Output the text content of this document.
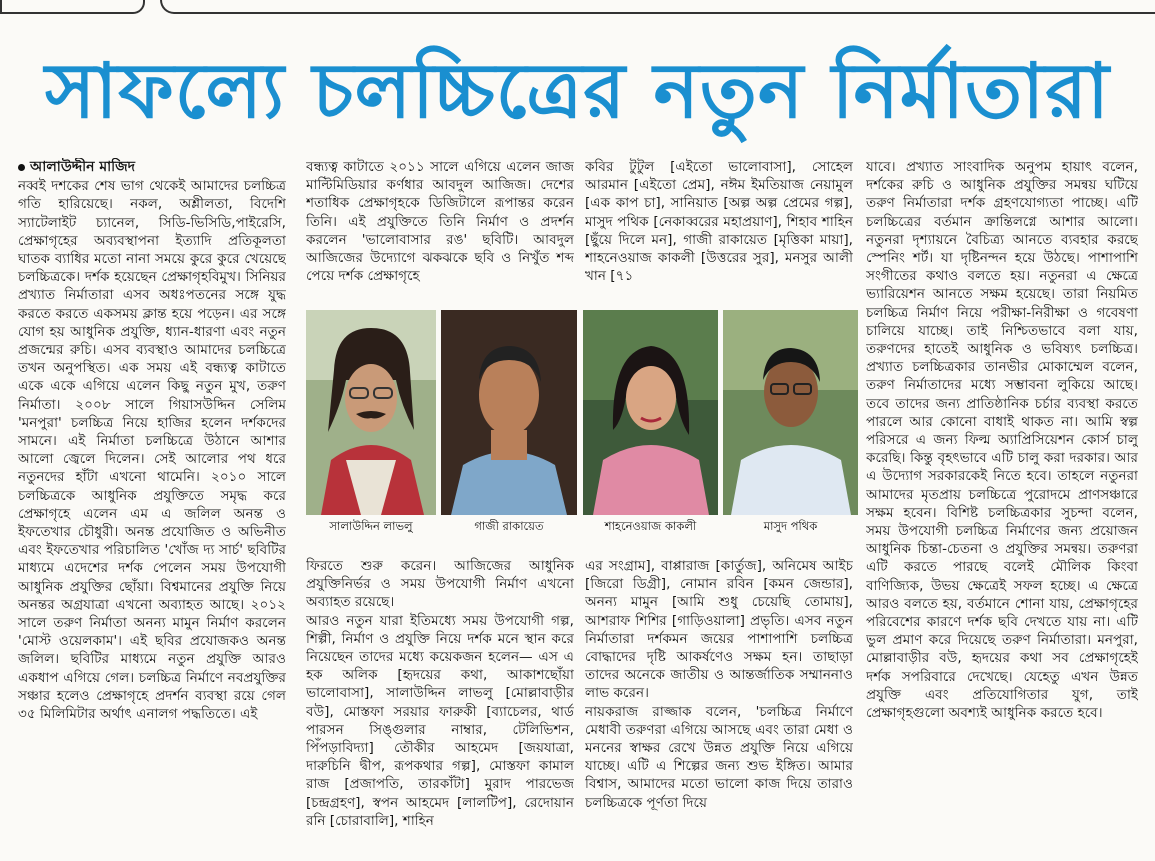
সাফল্যে চলচ্চিত্রের নতুন নির্মাতারা

আলাউদ্দীন মাজিদ

নব্বই দশকের শেষ ভাগ থেকেই আমাদের চলচ্চিত্র গতি হারিয়েছে। নকল, অশ্লীলতা, বিদেশি স্যাটেলাইট চ্যানেল, সিডি-ভিসিডি,পাইরেসি, প্রেক্ষাগৃহের অব্যবস্থাপনা ইত্যাদি প্রতিকূলতা ঘাতক ব্যাধির মতো নানা সময়ে কুরে কুরে খেয়েছে চলচ্চিত্রকে। দর্শক হয়েছেন প্রেক্ষাগৃহবিমুখ। সিনিয়র প্রখ্যাত নির্মাতারা এসব অধঃপতনের সঙ্গে যুদ্ধ করতে করতে একসময় ক্লান্ত হয়ে পড়েন। এর সঙ্গে যোগ হয় আধুনিক প্রযুক্তি, ধ্যান-ধারণা এবং নতুন প্রজন্মের রুচি। এসব ব্যবস্থাও আমাদের চলচ্চিত্রে তখন অনুপস্থিত। এক সময় এই বন্ধ্যত্ব কাটাতে একে একে এগিয়ে এলেন কিছু নতুন মুখ, তরুণ নির্মাতা। ২০০৮ সালে গিয়াসউদ্দিন সেলিম 'মনপুরা' চলচ্চিত্র নিয়ে হাজির হলেন দর্শকদের সামনে। এই নির্মাতা চলচ্চিত্রে উঠানে আশার আলো জ্বেলে দিলেন। সেই আলোর পথ ধরে নতুনদের হাঁটা এখনো থামেনি। ২০১০ সালে চলচ্চিত্রকে আধুনিক প্রযুক্তিতে সমৃদ্ধ করে প্রেক্ষাগৃহে এলেন এম এ জলিল অনন্ত ও ইফতেখার চৌধুরী। অনন্ত প্রযোজিত ও অভিনীত এবং ইফতেখার পরিচালিত 'খোঁজ দ্য সার্চ' ছবিটির মাধ্যমে এদেশের দর্শক পেলেন সময় উপযোগী আধুনিক প্রযুক্তির ছোঁয়া। বিশ্বমানের প্রযুক্তি নিয়ে অনন্তর অগ্রযাত্রা এখনো অব্যাহত আছে। ২০১২ সালে তরুণ নির্মাতা অনন্য মামুন নির্মাণ করলেন 'মোস্ট ওয়েলকাম'। এই ছবির প্রযোজকও অনন্ত জলিল। ছবিটির মাধ্যমে নতুন প্রযুক্তি আরও একধাপ এগিয়ে গেল। চলচ্চিত্র নির্মাণে নবপ্রযুক্তির সঞ্চার হলেও প্রেক্ষাগৃহে প্রদর্শন ব্যবস্থা রয়ে গেল ৩৫ মিলিমিটার অর্থাৎ এনালগ পদ্ধতিতে। এই

বন্ধ্যত্ব কাটাতে ২০১১ সালে এগিয়ে এলেন জাজ মাল্টিমিডিয়ার কর্ণধার আবদুল আজিজ। দেশের শতাধিক প্রেক্ষাগৃহকে ডিজিটালে রূপান্তর করেন তিনি। এই প্রযুক্তিতে তিনি নির্মাণ ও প্রদর্শন করলেন 'ভালোবাসার রঙ' ছবিটি। আবদুল আজিজের উদ্যোগে ঝকঝকে ছবি ও নিখুঁত শব্দ পেয়ে দর্শক প্রেক্ষাগৃহে

কবির টুটুল [এইতো ভালোবাসা], সোহেল আরমান [এইতো প্রেম], নঈম ইমতিয়াজ নেয়ামুল [এক কাপ চা], সানিয়াত [অল্প অল্প প্রেমের গল্প], মাসুদ পথিক [নেকাব্বরের মহাপ্রয়াণ], শিহাব শাহিন [ছুঁয়ে দিলে মন], গাজী রাকায়েত [মৃত্তিকা মায়া], শাহনেওয়াজ কাকলী [উত্তরের সুর], মনসুর আলী খান [৭১

সালাউদ্দিন লাভলু	গাজী রাকায়েত	শাহনেওয়াজ কাকলী	মাসুদ পথিক

ফিরতে শুরু করেন। আজিজের আধুনিক প্রযুক্তিনির্ভর ও সময় উপযোগী নির্মাণ এখনো অব্যাহত রয়েছে।

আরও নতুন যারা ইতিমধ্যে সময় উপযোগী গল্প, শিল্পী, নির্মাণ ও প্রযুক্তি নিয়ে দর্শক মনে স্থান করে নিয়েছেন তাদের মধ্যে কয়েকজন হলেন— এস এ হক অলিক [হৃদয়ের কথা, আকাশছোঁয়া ভালোবাসা], সালাউদ্দিন লাভলু [মোল্লাবাড়ীর বউ], মোস্তফা সরয়ার ফারুকী [ব্যাচেলর, থার্ড পারসন সিঙ্গুলার নাম্বার, টেলিভিশন, পিঁপড়াবিদ্যা] তৌকীর আহমেদ [জয়যাত্রা, দারুচিনি দ্বীপ, রূপকথার গল্প], মোস্তফা কামাল রাজ [প্রজাপতি, তারকাঁটা] মুরাদ পারভেজ [চন্দ্রগ্রহণ], স্বপন আহমেদ [লালটিপ], রেদোয়ান রনি [চোরাবালি], শাহিন

এর সংগ্রাম], বাপ্পারাজ [কার্তুজ], অনিমেষ আইচ [জিরো ডিগ্রী], নোমান রবিন [কমন জেন্ডার], অনন্য মামুন [আমি শুধু চেয়েছি তোমায়], আশরাফ শিশির [গাড়িওয়ালা] প্রভৃতি। এসব নতুন নির্মাতারা দর্শকমন জয়ের পাশাপাশি চলচ্চিত্র বোদ্ধাদের দৃষ্টি আকর্ষণেও সক্ষম হন। তাছাড়া তাদের অনেকে জাতীয় ও আন্তর্জাতিক সম্মাননাও লাভ করেন।

নায়করাজ রাজ্জাক বলেন, 'চলচ্চিত্র নির্মাণে মেধাবী তরুণরা এগিয়ে আসছে এবং তারা মেধা ও মননের স্বাক্ষর রেখে উন্নত প্রযুক্তি নিয়ে এগিয়ে যাচ্ছে। এটি এ শিল্পের জন্য শুভ ইঙ্গিত। আমার বিশ্বাস, আমাদের মতো ভালো কাজ দিয়ে তারাও চলচ্চিত্রকে পূর্ণতা দিয়ে

যাবে। প্রখ্যাত সাংবাদিক অনুপম হায়াৎ বলেন, দর্শকের রুচি ও আধুনিক প্রযুক্তির সমন্বয় ঘটিয়ে তরুণ নির্মাতারা দর্শক গ্রহণযোগ্যতা পাচ্ছে। এটি চলচ্চিত্রের বর্তমান ক্রান্তিলগ্নে আশার আলো। নতুনরা দৃশ্যায়নে বৈচিত্র্য আনতে ব্যবহার করছে স্পেনিং শর্ট। যা দৃষ্টিনন্দন হয়ে উঠছে। পাশাপাশি সংগীতের কথাও বলতে হয়। নতুনরা এ ক্ষেত্রে ভ্যারিয়েশন আনতে সক্ষম হয়েছে। তারা নিয়মিত চলচ্চিত্র নির্মাণ নিয়ে পরীক্ষা-নিরীক্ষা ও গবেষণা চালিয়ে যাচ্ছে। তাই নিশ্চিতভাবে বলা যায়, তরুণদের হাতেই আধুনিক ও ভবিষ্যৎ চলচ্চিত্র। প্রখ্যাত চলচ্চিত্রকার তানভীর মোকাম্মেল বলেন, তরুণ নির্মাতাদের মধ্যে সম্ভাবনা লুকিয়ে আছে। তবে তাদের জন্য প্রাতিষ্ঠানিক চর্চার ব্যবস্থা করতে পারলে আর কোনো বাধাই থাকত না। আমি স্বল্প পরিসরে এ জন্য ফিল্ম অ্যাপ্রিসিয়েশন কোর্স চালু করেছি। কিন্তু বৃহৎভাবে এটি চালু করা দরকার। আর এ উদ্যোগ সরকারকেই নিতে হবে। তাহলে নতুনরা আমাদের মৃতপ্রায় চলচ্চিত্রে পুরোদমে প্রাণসঞ্চারে সক্ষম হবেন। বিশিষ্ট চলচ্চিত্রকার সুচন্দা বলেন, সময় উপযোগী চলচ্চিত্র নির্মাণের জন্য প্রয়োজন আধুনিক চিন্তা-চেতনা ও প্রযুক্তির সমন্বয়। তরুণরা এটি করতে পারছে বলেই মৌলিক কিংবা বাণিজ্যিক, উভয় ক্ষেত্রেই সফল হচ্ছে। এ ক্ষেত্রে আরও বলতে হয়, বর্তমানে শোনা যায়, প্রেক্ষাগৃহের পরিবেশের কারণে দর্শক ছবি দেখতে যায় না। এটি ভুল প্রমাণ করে দিয়েছে তরুণ নির্মাতারা। মনপুরা, মোল্লাবাড়ীর বউ, হৃদয়ের কথা সব প্রেক্ষাগৃহেই দর্শক সপরিবারে দেখেছে। যেহেতু এখন উন্নত প্রযুক্তি এবং প্রতিযোগিতার যুগ, তাই প্রেক্ষাগৃহগুলো অবশ্যই আধুনিক করতে হবে।
